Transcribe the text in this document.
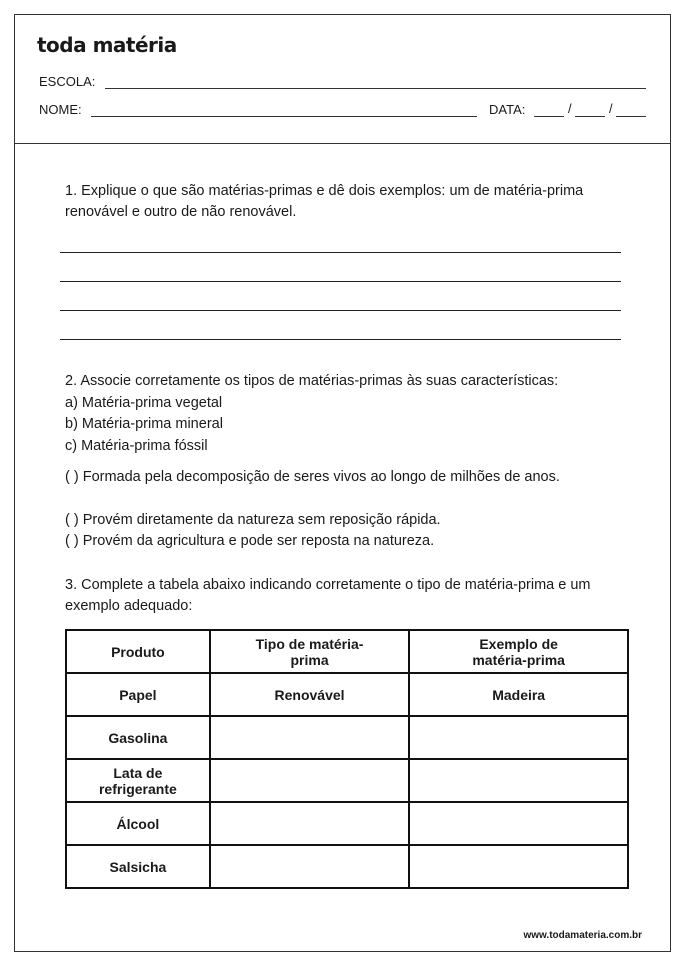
toda matéria
ESCOLA:
NOME:	DATA:	/	/
1. Explique o que são matérias-primas e dê dois exemplos: um de matéria-prima renovável e outro de não renovável.
2. Associe corretamente os tipos de matérias-primas às suas características:
a) Matéria-prima vegetal
b) Matéria-prima mineral
c) Matéria-prima fóssil
( ) Formada pela decomposição de seres vivos ao longo de milhões de anos.
( ) Provém diretamente da natureza sem reposição rápida.
( ) Provém da agricultura e pode ser reposta na natureza.
3. Complete a tabela abaixo indicando corretamente o tipo de matéria-prima e um exemplo adequado:
Produto	Tipo de matéria-prima	Exemplo de matéria-prima

Papel	Renovável	Madeira
Gasolina		

Lata de refrigerante		

Álcool		
Salsicha		
www.todamateria.com.br
